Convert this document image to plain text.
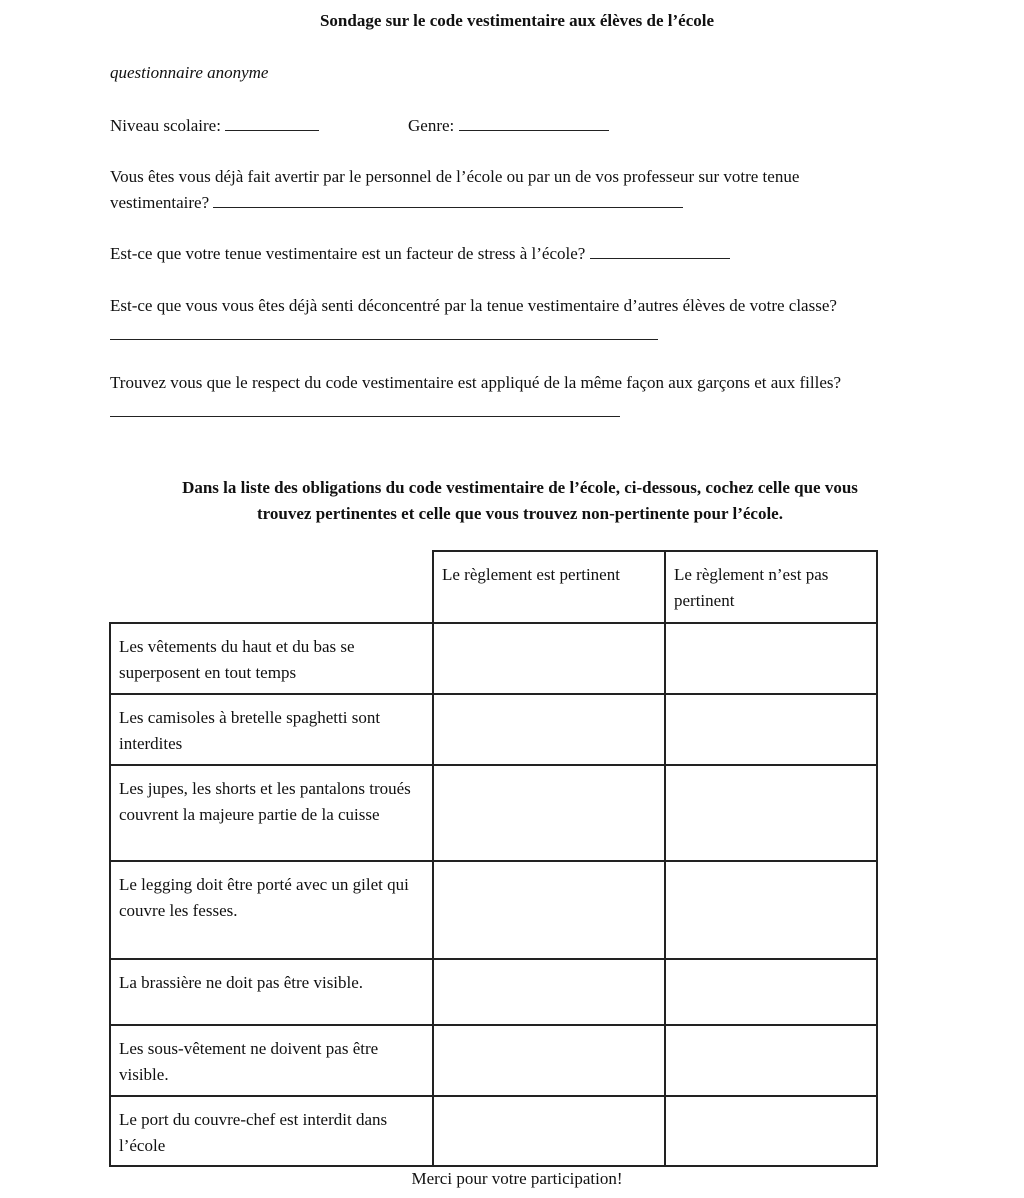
Sondage sur le code vestimentaire aux élèves de l’école
questionnaire anonyme
Niveau scolaire:	Genre:
Vous êtes vous déjà fait avertir par le personnel de l’école ou par un de vos professeur sur votre tenue
vestimentaire?
Est-ce que votre tenue vestimentaire est un facteur de stress à l’école?
Est-ce que vous vous êtes déjà senti déconcentré par la tenue vestimentaire d’autres élèves de votre classe?
Trouvez vous que le respect du code vestimentaire est appliqué de la même façon aux garçons et aux filles?
Dans la liste des obligations du code vestimentaire de l’école, ci-dessous, cochez celle que vous
trouvez pertinentes et celle que vous trouvez non-pertinente pour l’école.
	Le règlement est pertinent	Le règlement n’est pas pertinent
Les vêtements du haut et du bas se superposent en tout temps		
Les camisoles à bretelle spaghetti sont interdites		
Les jupes, les shorts et les pantalons troués couvrent la majeure partie de la cuisse		
Le legging doit être porté avec un gilet qui couvre les fesses.		
La brassière ne doit pas être visible.		
Les sous-vêtement ne doivent pas être visible.		
Le port du couvre-chef est interdit dans l’école		
Merci pour votre participation!
